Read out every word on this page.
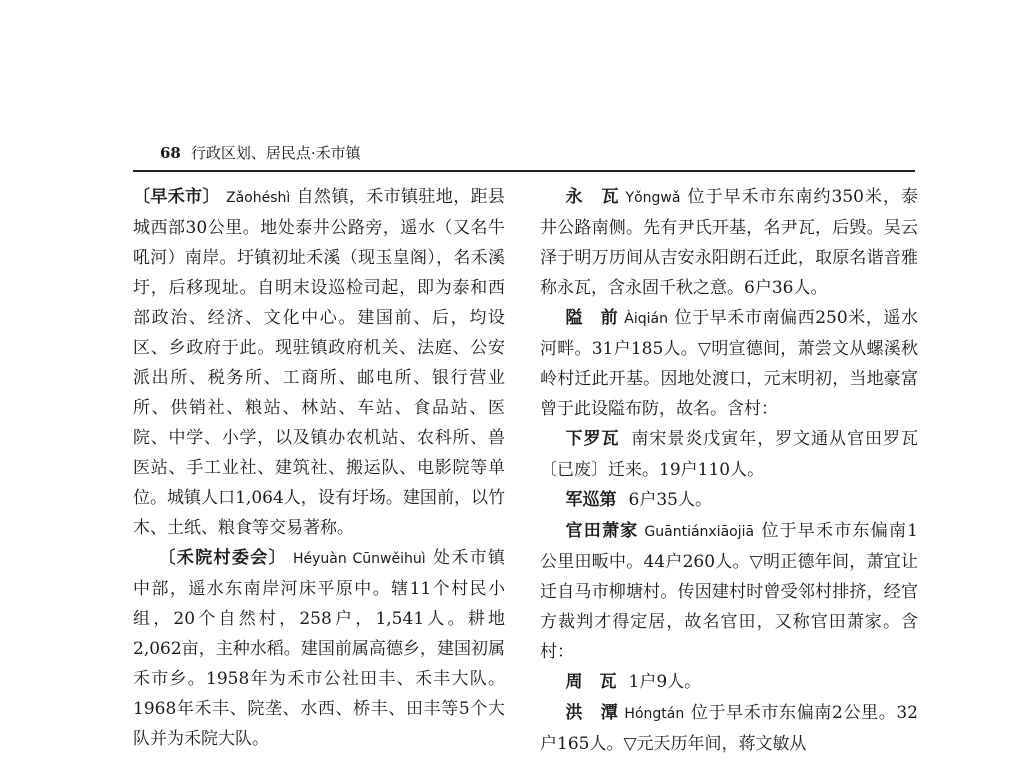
68 行政区划、居民点·禾市镇

〔早禾市〕 Zǎohéshì 自然镇，禾市镇驻地，距县城西部30公里。地处泰井公路旁，遥水（又名牛吼河）南岸。圩镇初址禾溪（现玉皇阁），名禾溪圩，后移现址。自明末设巡检司起，即为泰和西部政治、经济、文化中心。建国前、后，均设区、乡政府于此。现驻镇政府机关、法庭、公安派出所、税务所、工商所、邮电所、银行营业所、供销社、粮站、林站、车站、食品站、医院、中学、小学，以及镇办农机站、农科所、兽医站、手工业社、建筑社、搬运队、电影院等单位。城镇人口1,064人，设有圩场。建国前，以竹木、土纸、粮食等交易著称。

〔禾院村委会〕 Héyuàn Cūnwěihuì 处禾市镇中部，遥水东南岸河床平原中。辖11个村民小组，20个自然村，258户，1,541人。耕地2,062亩，主种水稻。建国前属高德乡，建国初属禾市乡。1958年为禾市公社田丰、禾丰大队。1968年禾丰、院垄、水西、桥丰、田丰等5个大队并为禾院大队。

永　瓦 Yǒngwǎ 位于早禾市东南约350米，泰井公路南侧。先有尹氏开基，名尹瓦，后毁。吴云泽于明万历间从吉安永阳朗石迁此，取原名谐音雅称永瓦，含永固千秋之意。6户36人。

隘　前 Àiqián 位于早禾市南偏西250米，遥水河畔。31户185人。▽明宣德间，萧尝文从螺溪秋岭村迁此开基。因地处渡口，元末明初，当地豪富曾于此设隘布防，故名。含村：

下罗瓦 南宋景炎戊寅年，罗文通从官田罗瓦〔已废〕迁来。19户110人。

军巡第 6户35人。

官田萧家 Guāntiánxiāojiā 位于早禾市东偏南1公里田畈中。44户260人。▽明正德年间，萧宜让迁自马市柳塘村。传因建村时曾受邻村排挤，经官方裁判才得定居，故名官田，又称官田萧家。含村：

周　瓦 1户9人。

洪　潭 Hóngtán 位于早禾市东偏南2公里。32户165人。▽元天历年间，蒋文敏从
